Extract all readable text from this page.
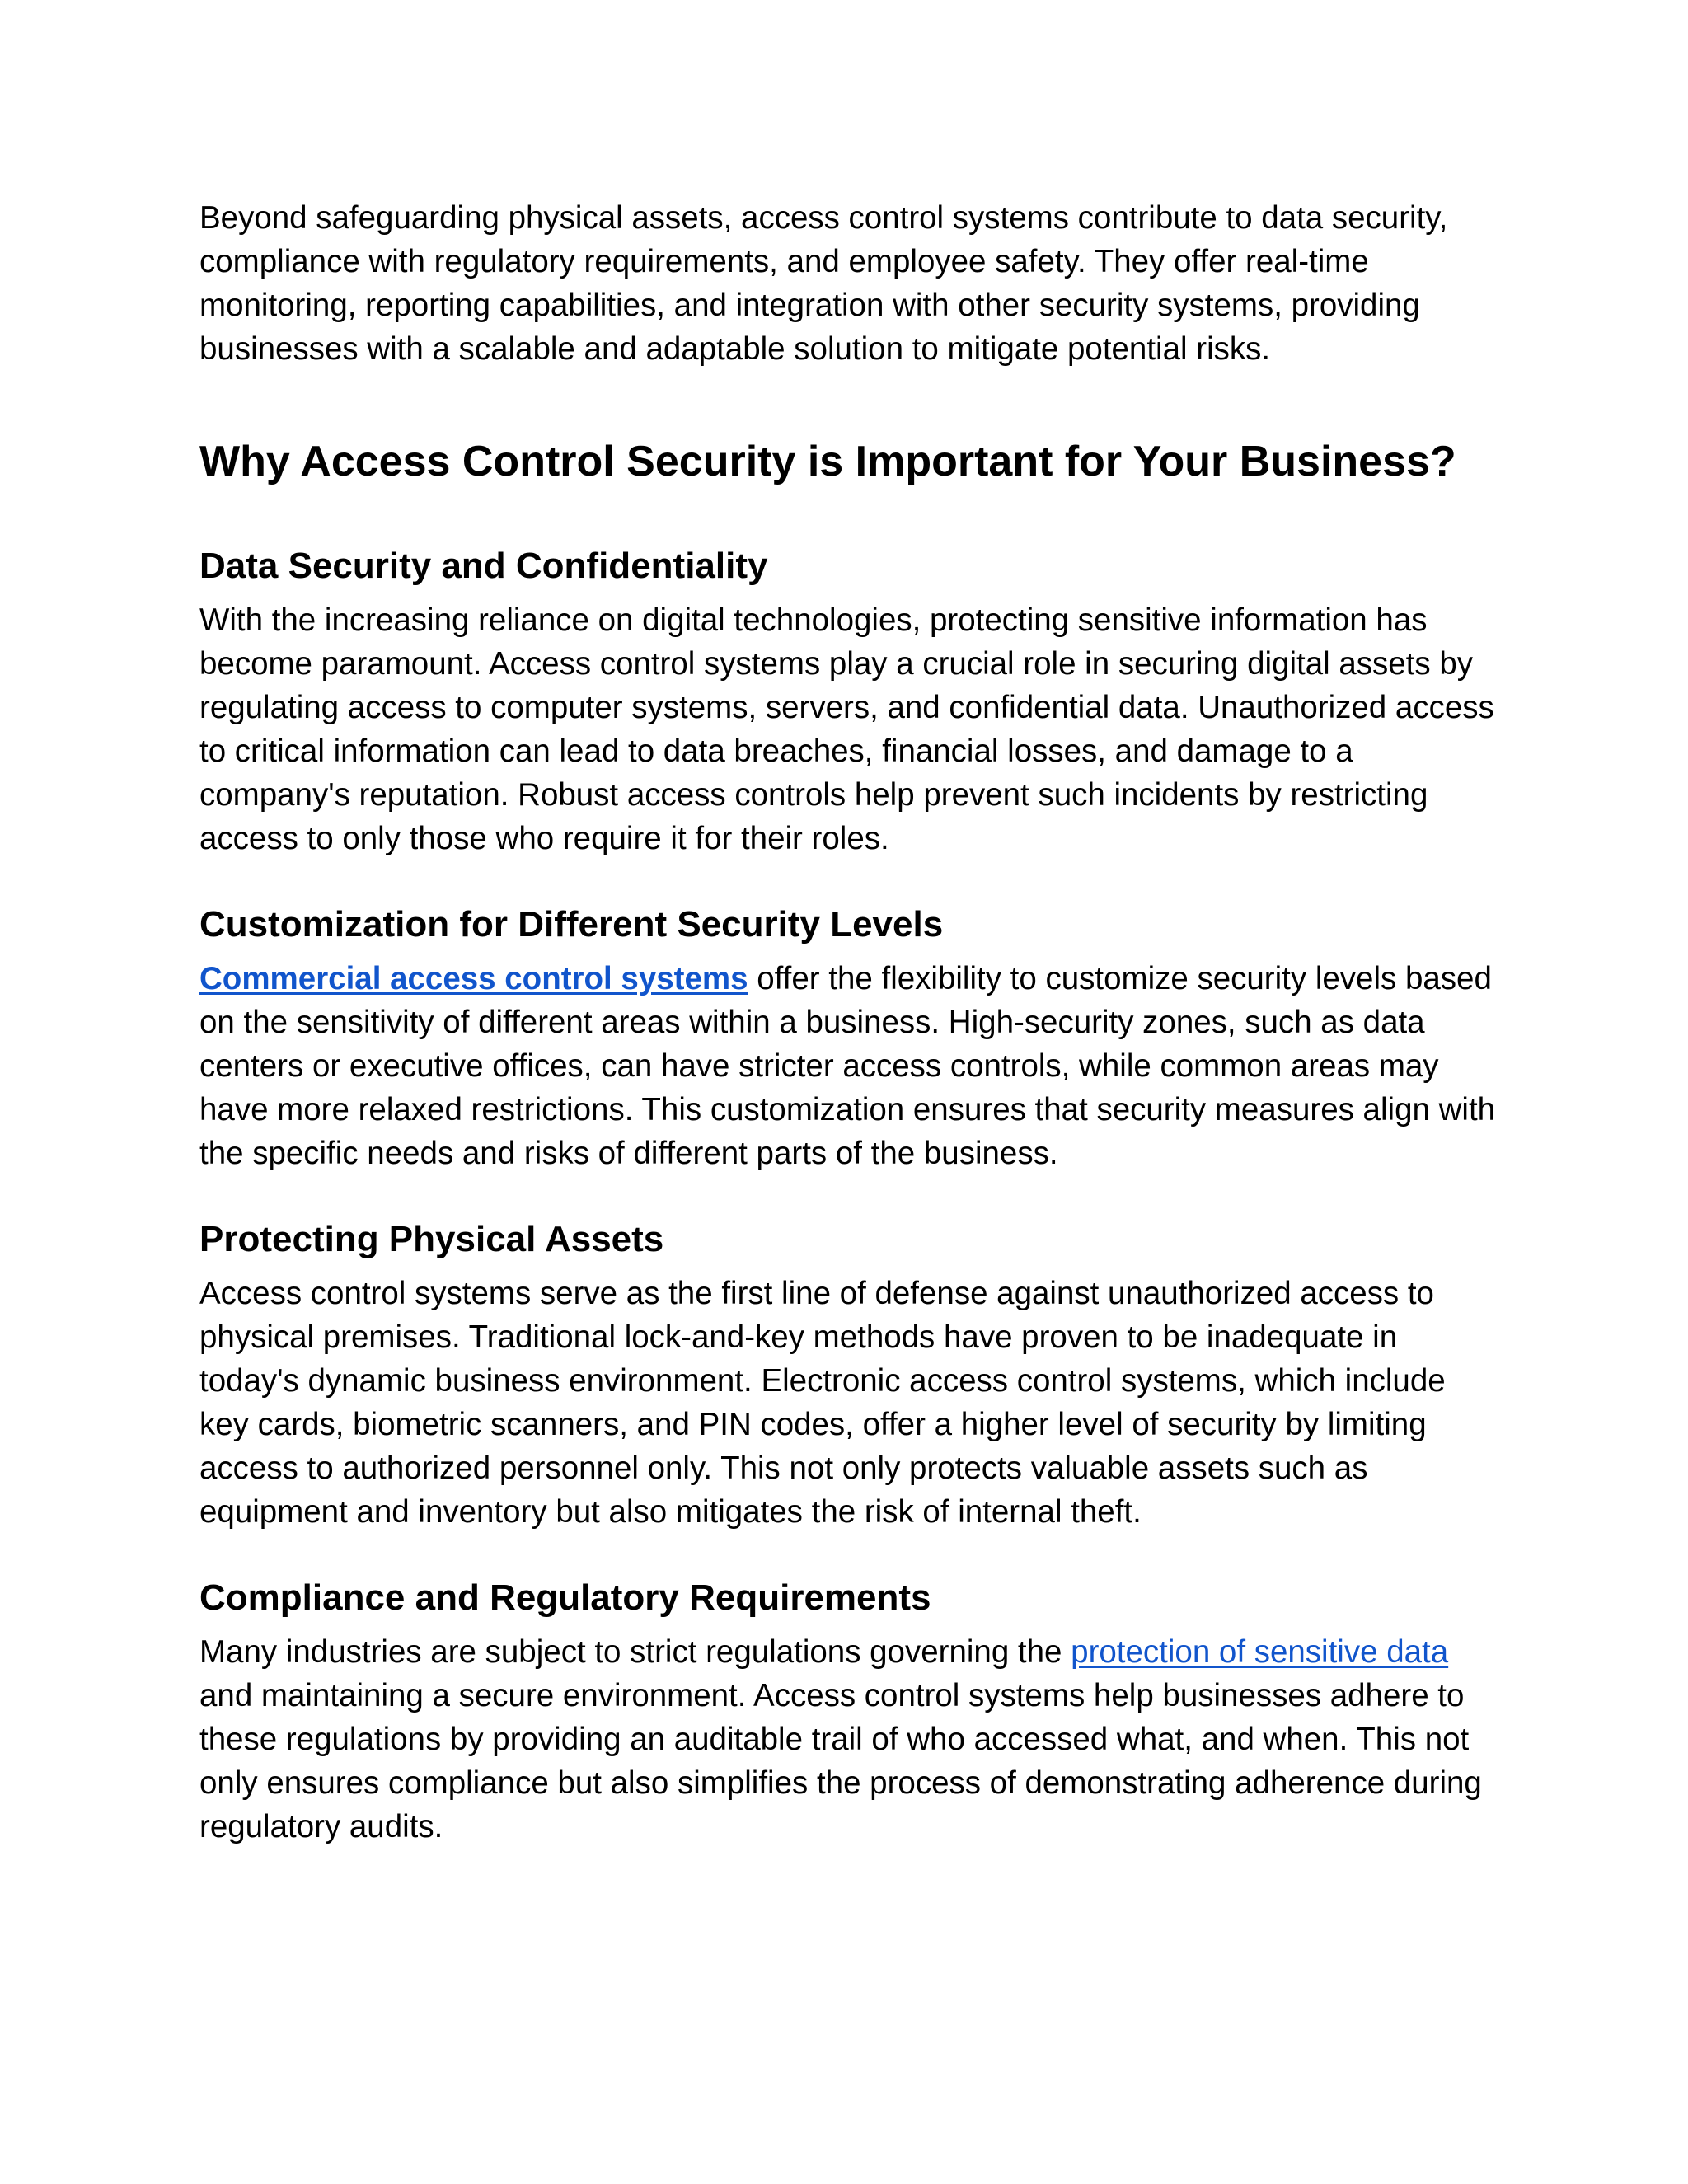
Beyond safeguarding physical assets, access control systems contribute to data security, compliance with regulatory requirements, and employee safety. They offer real-time monitoring, reporting capabilities, and integration with other security systems, providing businesses with a scalable and adaptable solution to mitigate potential risks.

Why Access Control Security is Important for Your Business?
Data Security and Confidentiality

With the increasing reliance on digital technologies, protecting sensitive information has become paramount. Access control systems play a crucial role in securing digital assets by regulating access to computer systems, servers, and confidential data. Unauthorized access to critical information can lead to data breaches, financial losses, and damage to a company's reputation. Robust access controls help prevent such incidents by restricting access to only those who require it for their roles.

Customization for Different Security Levels

Commercial access control systems offer the flexibility to customize security levels based on the sensitivity of different areas within a business. High-security zones, such as data centers or executive offices, can have stricter access controls, while common areas may have more relaxed restrictions. This customization ensures that security measures align with the specific needs and risks of different parts of the business.

Protecting Physical Assets

Access control systems serve as the first line of defense against unauthorized access to physical premises. Traditional lock-and-key methods have proven to be inadequate in today's dynamic business environment. Electronic access control systems, which include key cards, biometric scanners, and PIN codes, offer a higher level of security by limiting access to authorized personnel only. This not only protects valuable assets such as equipment and inventory but also mitigates the risk of internal theft.

Compliance and Regulatory Requirements

Many industries are subject to strict regulations governing the protection of sensitive data and maintaining a secure environment. Access control systems help businesses adhere to these regulations by providing an auditable trail of who accessed what, and when. This not only ensures compliance but also simplifies the process of demonstrating adherence during regulatory audits.
